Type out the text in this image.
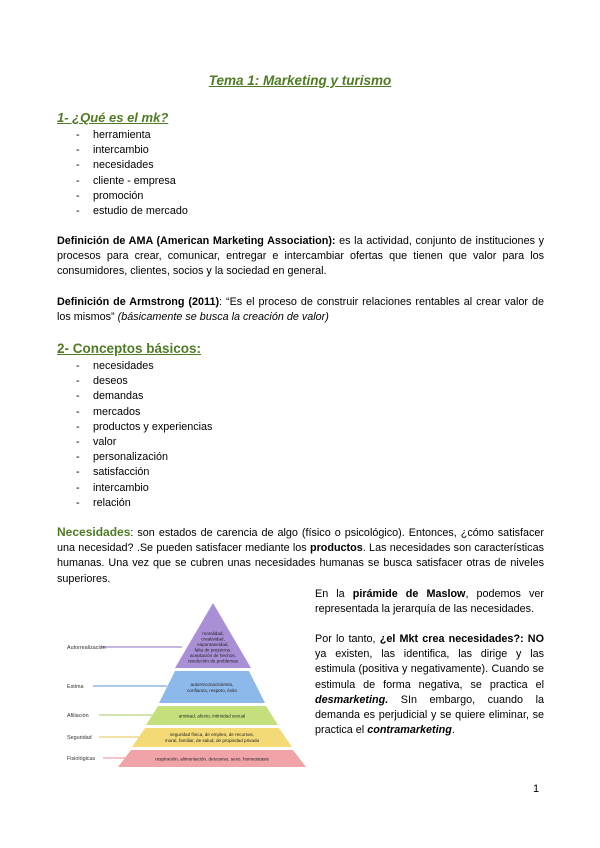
Tema 1: Marketing y turismo
1- ¿Qué es el mk?
- herramienta
- intercambio
- necesidades
- cliente - empresa
- promoción
- estudio de mercado
Definición de AMA (American Marketing Association): es la actividad, conjunto de instituciones y procesos para crear, comunicar, entregar e intercambiar ofertas que tienen que valor para los consumidores, clientes, socios y la sociedad en general.
Definición de Armstrong (2011): “Es el proceso de construir relaciones rentables al crear valor de los mismos” (básicamente se busca la creación de valor)
2- Conceptos básicos:
- necesidades
- deseos
- demandas
- mercados
- productos y experiencias
- valor
- personalización
- satisfacción
- intercambio
- relación
Necesidades: son estados de carencia de algo (físico o psicológico). Entonces, ¿cómo satisfacer una necesidad? .Se pueden satisfacer mediante los productos. Las necesidades son características humanas. Una vez que se cubren unas necesidades humanas se busca satisfacer otras de niveles superiores.
En la pirámide de Maslow, podemos ver representada la jerarquía de las necesidades.
Por lo tanto, ¿el Mkt crea necesidades?: NO ya existen, las identifica, las dirige y las estimula (positiva y negativamente). Cuando se estimula de forma negativa, se practica el desmarketing. SIn embargo, cuando la demanda es perjudicial y se quiere eliminar, se practica el contramarketing.
Autorrealización
Estima
Afiliación
Seguridad
Fisiológicas
moralidad,
creatividad,
espontaneidad,
falta de prejuicios,
aceptación de hechos,
resolución de problemas
autorreconocimiento,
confianza, respeto, éxito
amistad, afecto, intimidad sexual
seguridad física, de empleo, de recursos,
moral, familiar, de salud, de propiedad privada
respiración, alimentación, descanso, sexo, homeostasis
1
